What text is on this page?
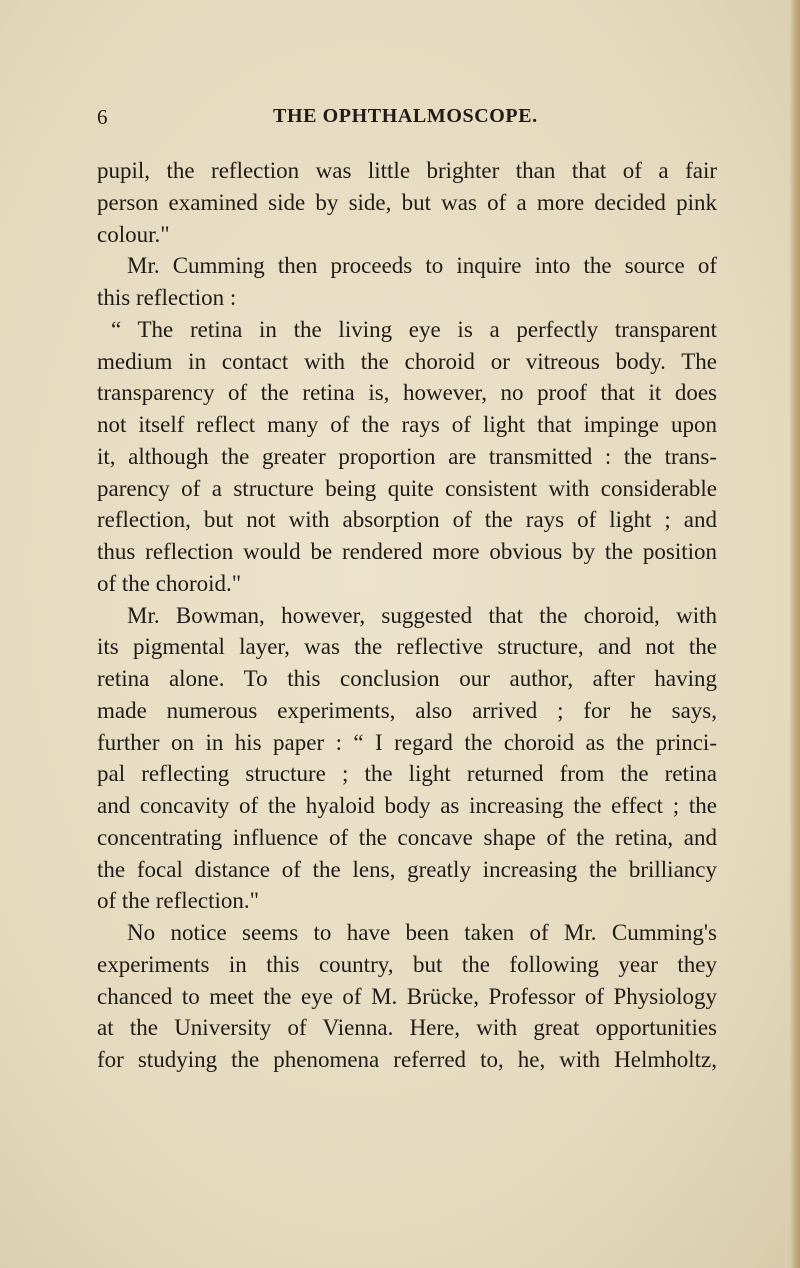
6	THE OPHTHALMOSCOPE.
pupil, the reflection was little brighter than that of a fair
person examined side by side, but was of a more decided pink
colour."
Mr. Cumming then proceeds to inquire into the source of
this reflection :
“ The retina in the living eye is a perfectly transparent
medium in contact with the choroid or vitreous body. The
transparency of the retina is, however, no proof that it does
not itself reflect many of the rays of light that impinge upon
it, although the greater proportion are transmitted : the trans-
parency of a structure being quite consistent with considerable
reflection, but not with absorption of the rays of light ; and
thus reflection would be rendered more obvious by the position
of the choroid."
Mr. Bowman, however, suggested that the choroid, with
its pigmental layer, was the reflective structure, and not the
retina alone. To this conclusion our author, after having
made numerous experiments, also arrived ; for he says,
further on in his paper : “ I regard the choroid as the princi-
pal reflecting structure ; the light returned from the retina
and concavity of the hyaloid body as increasing the effect ; the
concentrating influence of the concave shape of the retina, and
the focal distance of the lens, greatly increasing the brilliancy
of the reflection."
No notice seems to have been taken of Mr. Cumming's
experiments in this country, but the following year they
chanced to meet the eye of M. Brücke, Professor of Physiology
at the University of Vienna. Here, with great opportunities
for studying the phenomena referred to, he, with Helmholtz,
